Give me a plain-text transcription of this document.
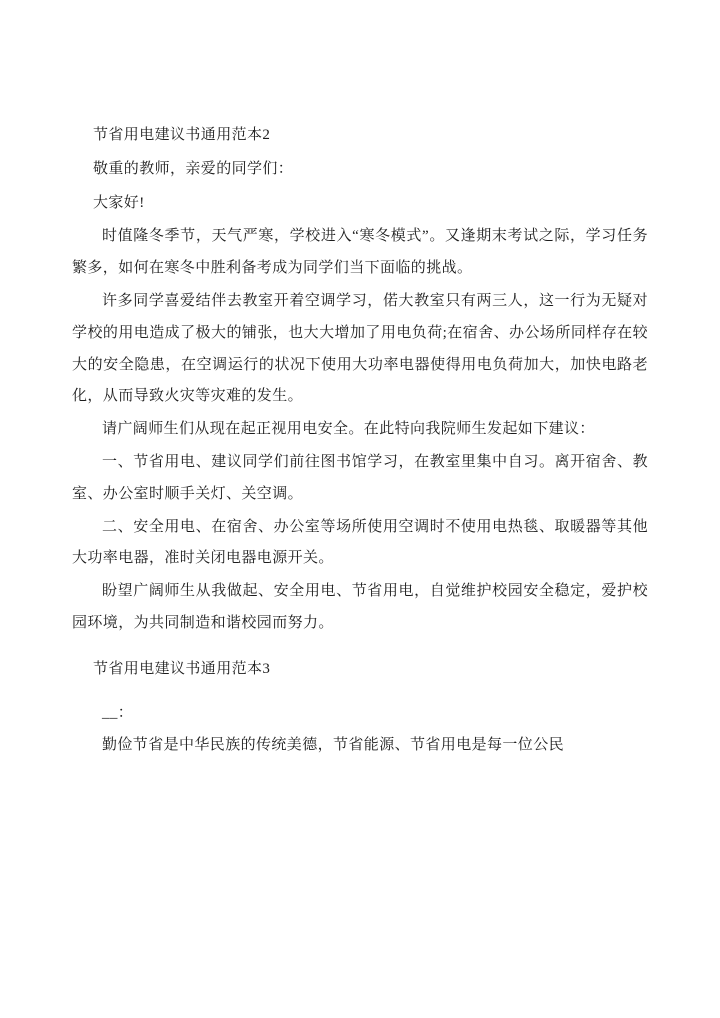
节省用电建议书通用范本2

敬重的教师，亲爱的同学们：

大家好!

时值隆冬季节，天气严寒，学校进入“寒冬模式”。又逢期末考试之际，学习任务繁多，如何在寒冬中胜利备考成为同学们当下面临的挑战。

许多同学喜爱结伴去教室开着空调学习，偌大教室只有两三人，这一行为无疑对学校的用电造成了极大的铺张，也大大增加了用电负荷;在宿舍、办公场所同样存在较大的安全隐患，在空调运行的状况下使用大功率电器使得用电负荷加大，加快电路老化，从而导致火灾等灾难的发生。

请广阔师生们从现在起正视用电安全。在此特向我院师生发起如下建议：

一、节省用电、建议同学们前往图书馆学习，在教室里集中自习。离开宿舍、教室、办公室时顺手关灯、关空调。

二、安全用电、在宿舍、办公室等场所使用空调时不使用电热毯、取暖器等其他大功率电器，准时关闭电器电源开关。

盼望广阔师生从我做起、安全用电、节省用电，自觉维护校园安全稳定，爱护校园环境，为共同制造和谐校园而努力。

节省用电建议书通用范本3

__：

勤俭节省是中华民族的传统美德，节省能源、节省用电是每一位公民
